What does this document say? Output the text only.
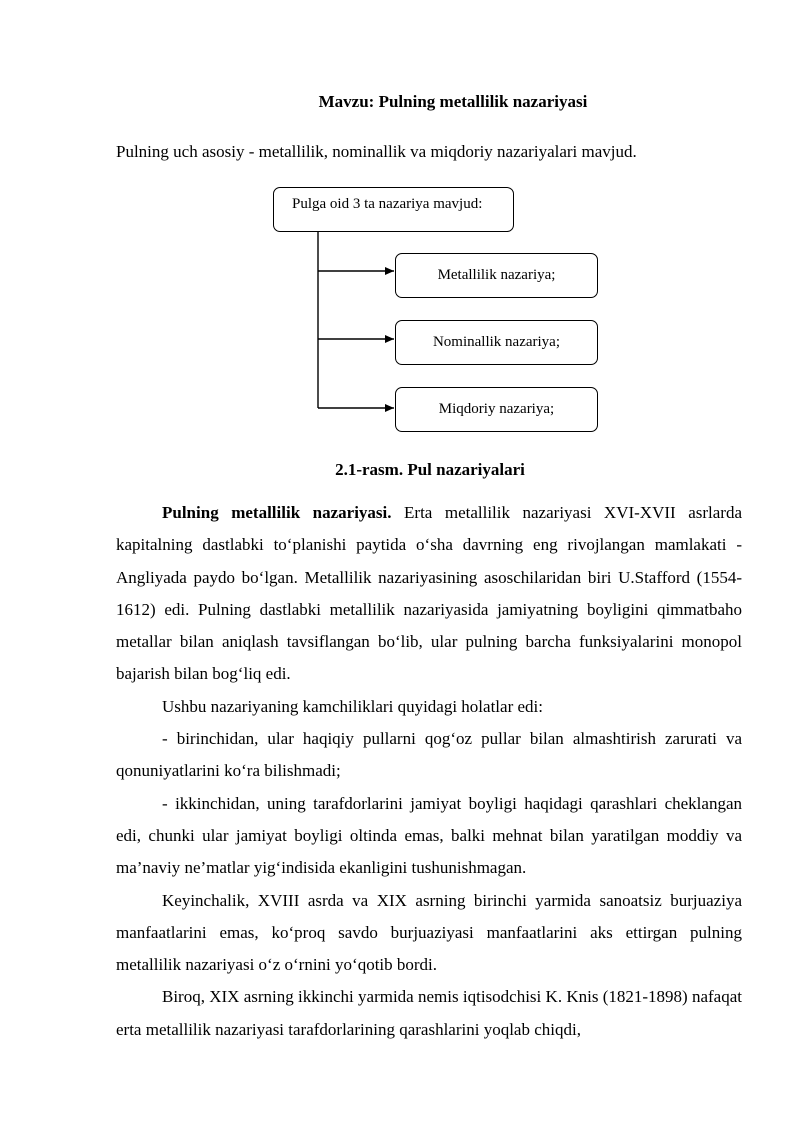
Mavzu: Pulning metallilik nazariyasi
Pulning uch asosiy - metallilik, nominallik va miqdoriy nazariyalari mavjud.
Pulga oid 3 ta nazariya mavjud:
Metallilik nazariya;
Nominallik nazariya;
Miqdoriy nazariya;
2.1-rasm. Pul nazariyalari

Pulning metallilik nazariyasi. Erta metallilik nazariyasi XVI-XVII asrlarda kapitalning dastlabki to‘planishi paytida o‘sha davrning eng rivojlangan mamlakati - Angliyada paydo bo‘lgan. Metallilik nazariyasining asoschilaridan biri U.Stafford (1554-1612) edi. Pulning dastlabki metallilik nazariyasida jamiyatning boyligini qimmatbaho metallar bilan aniqlash tavsiflangan bo‘lib, ular pulning barcha funksiyalarini monopol bajarish bilan bog‘liq edi.

Ushbu nazariyaning kamchiliklari quyidagi holatlar edi:

- birinchidan, ular haqiqiy pullarni qog‘oz pullar bilan almashtirish zarurati va qonuniyatlarini ko‘ra bilishmadi;

- ikkinchidan, uning tarafdorlarini jamiyat boyligi haqidagi qarashlari cheklangan edi, chunki ular jamiyat boyligi oltinda emas, balki mehnat bilan yaratilgan moddiy va ma’naviy ne’matlar yig‘indisida ekanligini tushunishmagan.

Keyinchalik, XVIII asrda va XIX asrning birinchi yarmida sanoatsiz burjuaziya manfaatlarini emas, ko‘proq savdo burjuaziyasi manfaatlarini aks ettirgan pulning metallilik nazariyasi o‘z o‘rnini yo‘qotib bordi.

Biroq, XIX asrning ikkinchi yarmida nemis iqtisodchisi K. Knis (1821-1898) nafaqat erta metallilik nazariyasi tarafdorlarining qarashlarini yoqlab chiqdi,
